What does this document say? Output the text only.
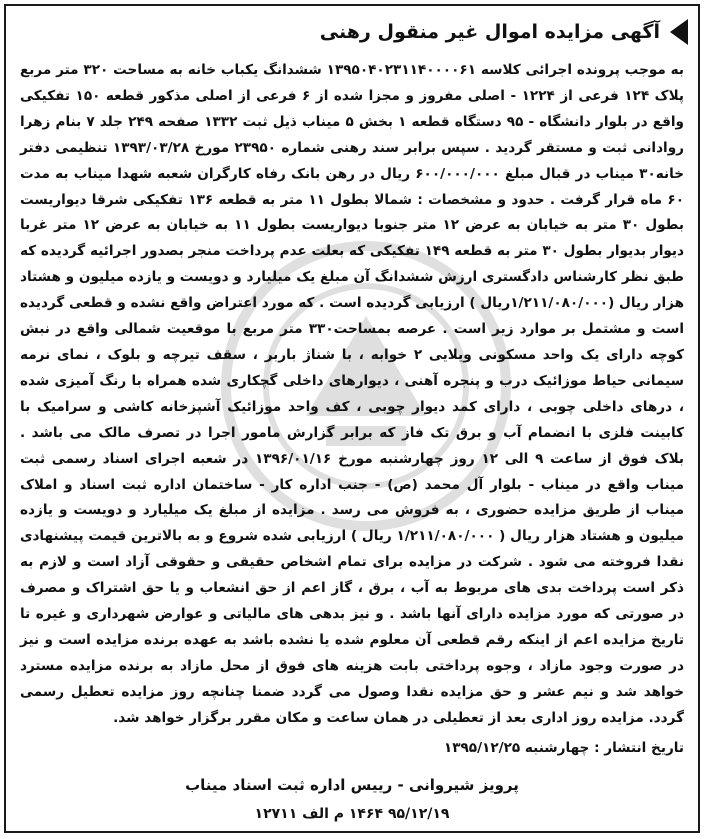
آگهی مزایده اموال غیر منقول رهنی

به موجب پرونده اجرائی کلاسه ۱۳۹۵۰۴۰۲۳۱۱۴۰۰۰۰۶۱ ششدانگ یکباب خانه به مساحت ۳۲۰ متر مربع پلاک ۱۲۴ فرعی از ۱۲۲۴ - اصلی مفروز و مجزا شده از ۶ فرعی از اصلی مذکور قطعه ۱۵۰ تفکیکی واقع در بلوار دانشگاه - ۹۵ دستگاه قطعه ۱ بخش ۵ میناب ذیل ثبت ۱۳۳۲ صفحه ۲۴۹ جلد ۷ بنام زهرا روادانی ثبت و مستقر گردید . سپس برابر سند رهنی شماره ۲۳۹۵۰ مورخ ۱۳۹۳/۰۳/۲۸ تنظیمی دفتر خانه۳۰ میناب در قبال مبلغ ۶۰۰/۰۰۰/۰۰۰ ریال در رهن بانک رفاه کارگران شعبه شهدا میناب به مدت ۶۰ ماه قرار گرفت . حدود و مشخصات : شمالا بطول ۱۱ متر به قطعه ۱۳۶ تفکیکی شرقا دیواریست بطول ۳۰ متر به خیابان به عرض ۱۲ متر جنوبا دیواریست بطول ۱۱ به خیابان به عرض ۱۲ متر غربا دیوار بدیوار بطول ۳۰ متر به قطعه ۱۴۹ تفکیکی که بعلت عدم پرداخت منجر بصدور اجرائیه گردیده که طبق نظر کارشناس دادگستری ارزش ششدانگ آن مبلغ یک میلیارد و دویست و یازده میلیون و هشتاد هزار ریال (۱/۲۱۱/۰۸۰/۰۰۰ریال ) ارزیابی گردیده است . که مورد اعتراض واقع نشده و قطعی گردیده است و مشتمل بر موارد زیر است . عرصه بمساحت۳۳۰ متر مربع با موقعیت شمالی واقع در نبش کوچه دارای یک واحد مسکونی ویلایی ۲ خوابه ، با شناژ باربر ، سقف تیرچه و بلوک ، نمای نرمه سیمانی حیاط موزائیک درب و پنجره آهنی ، دیوارهای داخلی گچکاری شده همراه با رنگ آمیزی شده ، درهای داخلی چوبی ، دارای کمد دیوار چوبی ، کف واحد موزائیک آشپزخانه کاشی و سرامیک با کابینت فلزی با انضمام آب و برق تک فاز که برابر گزارش مامور اجرا در تصرف مالک می باشد . بلاک فوق از ساعت ۹ الی ۱۲ روز چهارشنبه مورخ ۱۳۹۶/۰۱/۱۶ در شعبه اجرای اسناد رسمی ثبت میناب واقع در میناب - بلوار آل محمد (ص) - جنب اداره کار - ساختمان اداره ثبت اسناد و املاک میناب از طریق مزایده حضوری ، به فروش می رسد . مزایده از مبلغ یک میلیارد و دویست و یازده میلیون و هشتاد هزار ریال ( ۱/۲۱۱/۰۸۰/۰۰۰ ریال ) ارزیابی شده شروع و به بالاترین قیمت پیشنهادی نقدا فروخته می شود . شرکت در مزایده برای تمام اشخاص حقیقی و حقوقی آزاد است و لازم به ذکر است پرداخت بدی های مربوط به آب ، برق ، گاز اعم از حق انشعاب و یا حق اشتراک و مصرف در صورتی که مورد مزایده دارای آنها باشد . و نیز بدهی های مالیاتی و عوارض شهرداری و غیره تا تاریخ مزایده اعم از اینکه رقم قطعی آن معلوم شده یا نشده باشد به عهده برنده مزایده است و نیز در صورت وجود مازاد ، وجوه پرداختی بابت هزینه های فوق از محل مازاد به برنده مزایده مسترد خواهد شد و نیم عشر و حق مزایده نقدا وصول می گردد ضمنا چنانچه روز مزایده تعطیل رسمی گردد. مزایده روز اداری بعد از تعطیلی در همان ساعت و مکان مقرر برگزار خواهد شد.

تاریخ انتشار : چهارشنبه ۱۳۹۵/۱۲/۲۵

پرویز شیروانی - رییس اداره ثبت اسناد میناب

۹۵/۱۲/۱۹ ۱۴۶۴ م الف ۱۲۷۱۱
